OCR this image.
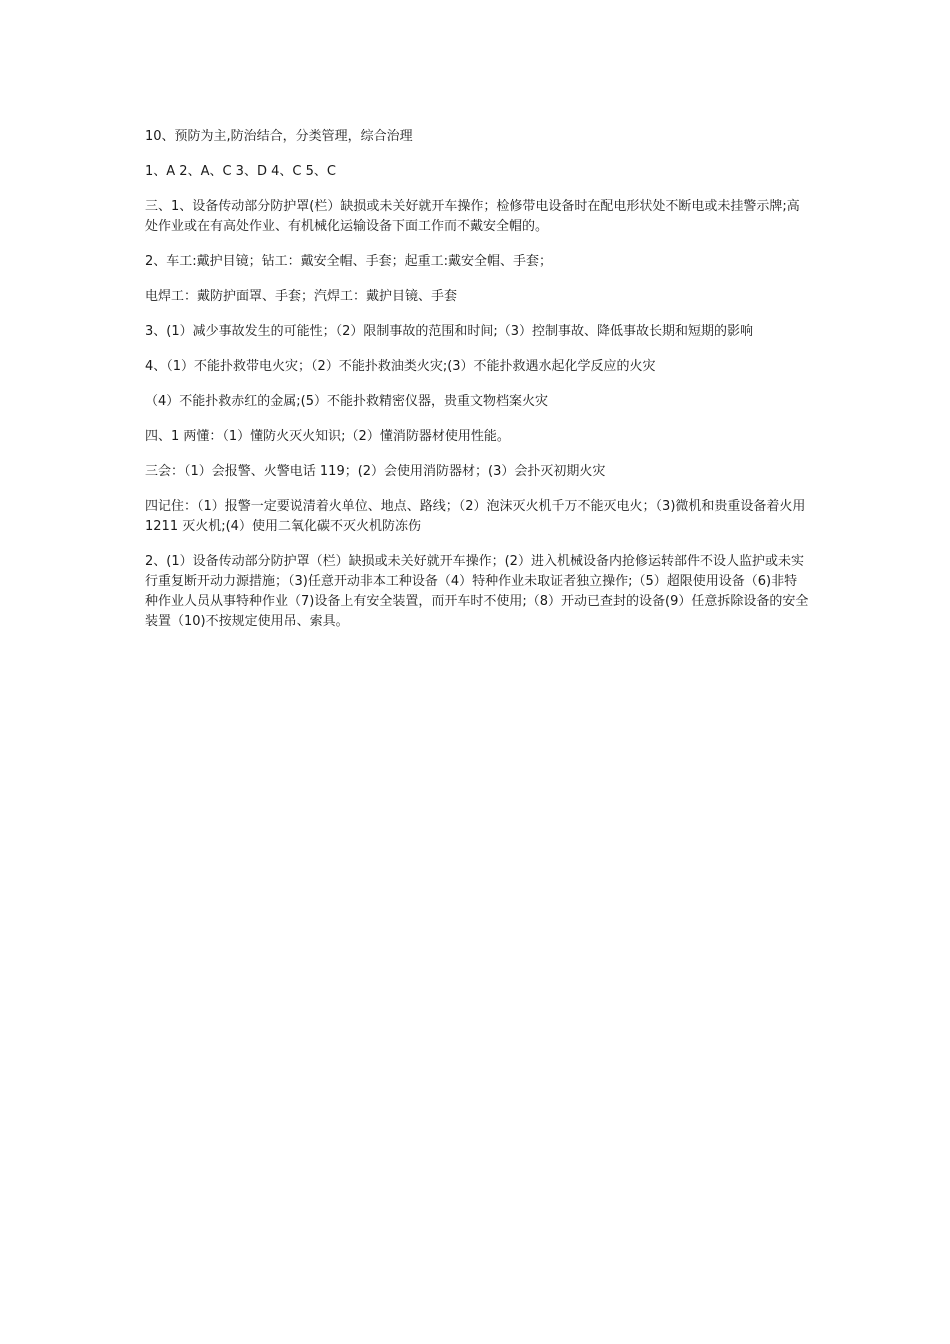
10、预防为主,防治结合，分类管理，综合治理

1、A 2、A、C 3、D 4、C 5、C

三、1、设备传动部分防护罩(栏）缺损或未关好就开车操作；检修带电设备时在配电形状处不断电或未挂警示牌;高处作业或在有高处作业、有机械化运输设备下面工作而不戴安全帽的。

2、车工:戴护目镜；钻工：戴安全帽、手套；起重工:戴安全帽、手套；

电焊工：戴防护面罩、手套；汽焊工：戴护目镜、手套

3、(1）减少事故发生的可能性；（2）限制事故的范围和时间;（3）控制事故、降低事故长期和短期的影响

4、（1）不能扑救带电火灾；（2）不能扑救油类火灾;(3）不能扑救遇水起化学反应的火灾

（4）不能扑救赤红的金属;(5）不能扑救精密仪器，贵重文物档案火灾

四、1 两懂：（1）懂防火灭火知识;（2）懂消防器材使用性能。

三会：（1）会报警、火警电话 119；(2）会使用消防器材；(3）会扑灭初期火灾

四记住：（1）报警一定要说清着火单位、地点、路线；（2）泡沫灭火机千万不能灭电火；（3)微机和贵重设备着火用 1211 灭火机;(4）使用二氧化碳不灭火机防冻伤

2、(1）设备传动部分防护罩（栏）缺损或未关好就开车操作；(2）进入机械设备内抢修运转部件不设人监护或未实行重复断开动力源措施；（3)任意开动非本工种设备（4）特种作业未取证者独立操作;（5）超限使用设备（6)非特种作业人员从事特种作业（7)设备上有安全装置，而开车时不使用;（8）开动已查封的设备(9）任意拆除设备的安全装置（10)不按规定使用吊、索具。
